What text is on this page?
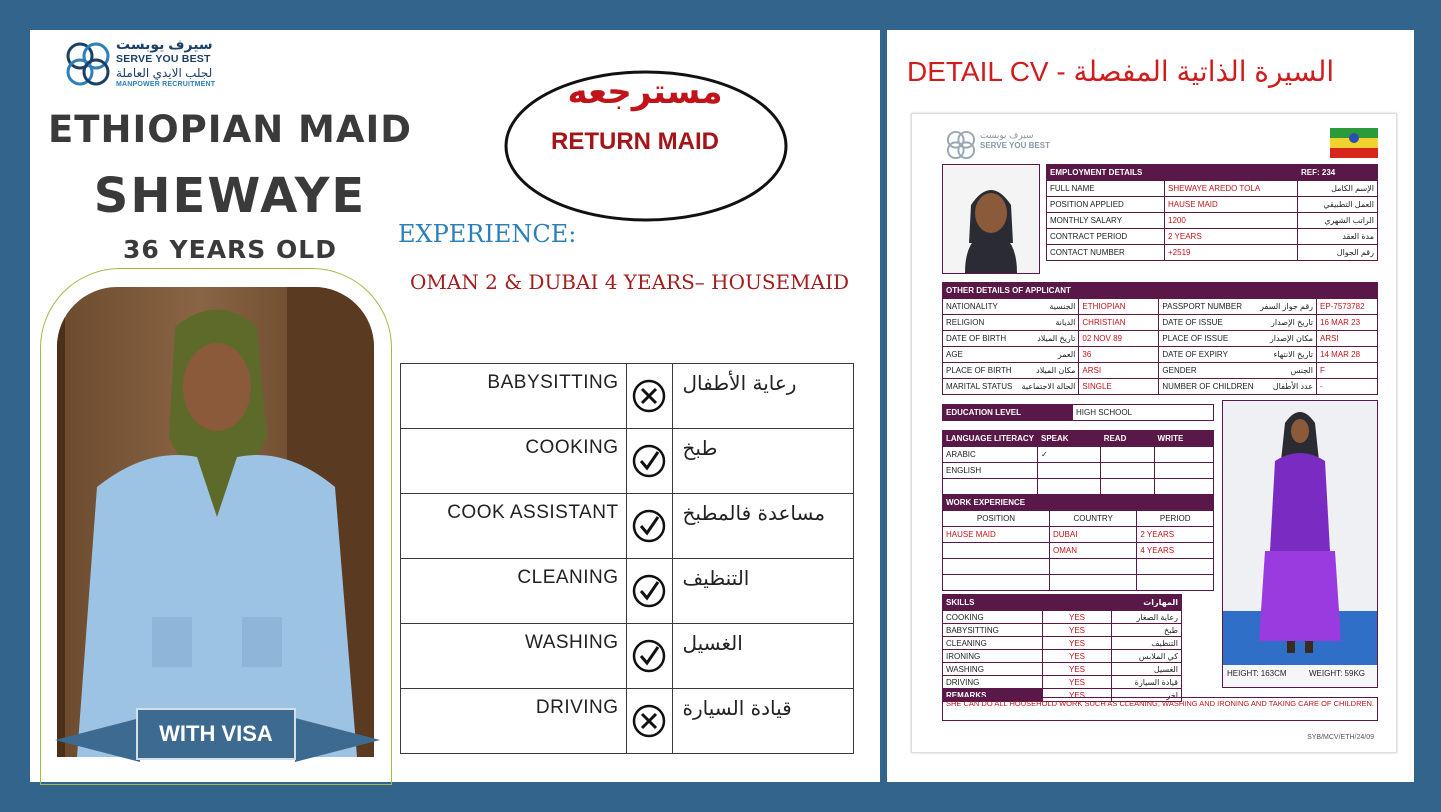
سيرف يوبست
SERVE YOU BEST
لجلب الايدي العاملة
MANPOWER RECRUITMENT
ETHIOPIAN MAID
SHEWAYE
36 YEARS OLD
WITH VISA
مسترجعه
RETURN MAID
EXPERIENCE:
OMAN 2 & DUBAI 4 YEARS– HOUSEMAID
BABYSITTING		رعاية الأطفال
COOKING		طبخ
COOK ASSISTANT		مساعدة فالمطبخ
CLEANING		التنظيف
WASHING		الغسيل
DRIVING		قيادة السيارة
DETAIL CV - السيرة الذاتية المفصلة
سيرف يوبست
SERVE YOU BEST
EMPLOYMENT DETAILS		REF: 234
FULL NAME	SHEWAYE AREDO TOLA	الإسم الكامل
POSITION APPLIED	HAUSE MAID	العمل التطبيقي
MONTHLY SALARY	1200	الراتب الشهري
CONTRACT PERIOD	2 YEARS	مدة العقد
CONTACT NUMBER	+2519	رقم الجوال
OTHER DETAILS OF APPLICANT					
NATIONALITY	الجنسية	ETHIOPIAN	PASSPORT NUMBER	رقم جواز السفر	EP-7573782
RELIGION	الديانة	CHRISTIAN	DATE OF ISSUE	تاريخ الإصدار	16 MAR 23
DATE OF BIRTH	تاريخ الميلاد	02 NOV 89	PLACE OF ISSUE	مكان الإصدار	ARSI
AGE	العمر	36	DATE OF EXPIRY	تاريخ الانتهاء	14 MAR 28
PLACE OF BIRTH	مكان الميلاد	ARSI	GENDER	الجنس	F
MARITAL STATUS	الحالة الاجتماعية	SINGLE	NUMBER OF CHILDREN	عدد الأطفال	-
EDUCATION LEVEL	HIGH SCHOOL
LANGUAGE LITERACY	SPEAK	READ	WRITE
ARABIC	✓		
ENGLISH			

WORK EXPERIENCE		
POSITION	COUNTRY	PERIOD
HAUSE MAID	DUBAI	2 YEARS
	OMAN	4 YEARS

SKILLS		المهارات
COOKING	YES	رعاية الصغار
BABYSITTING	YES	طبخ
CLEANING	YES	التنظيف
IRONING	YES	كي الملابس
WASHING	YES	الغسيل
DRIVING	YES	قيادة السيارة
REMARKS	YES	اخر
HEIGHT: 163CM	WEIGHT: 59KG
SHE CAN DO ALL HOUSEHOLD WORK SUCH AS CLEANING, WASHING AND IRONING AND TAKING CARE OF CHILDREN.
SYB/MCV/ETH/24/09
